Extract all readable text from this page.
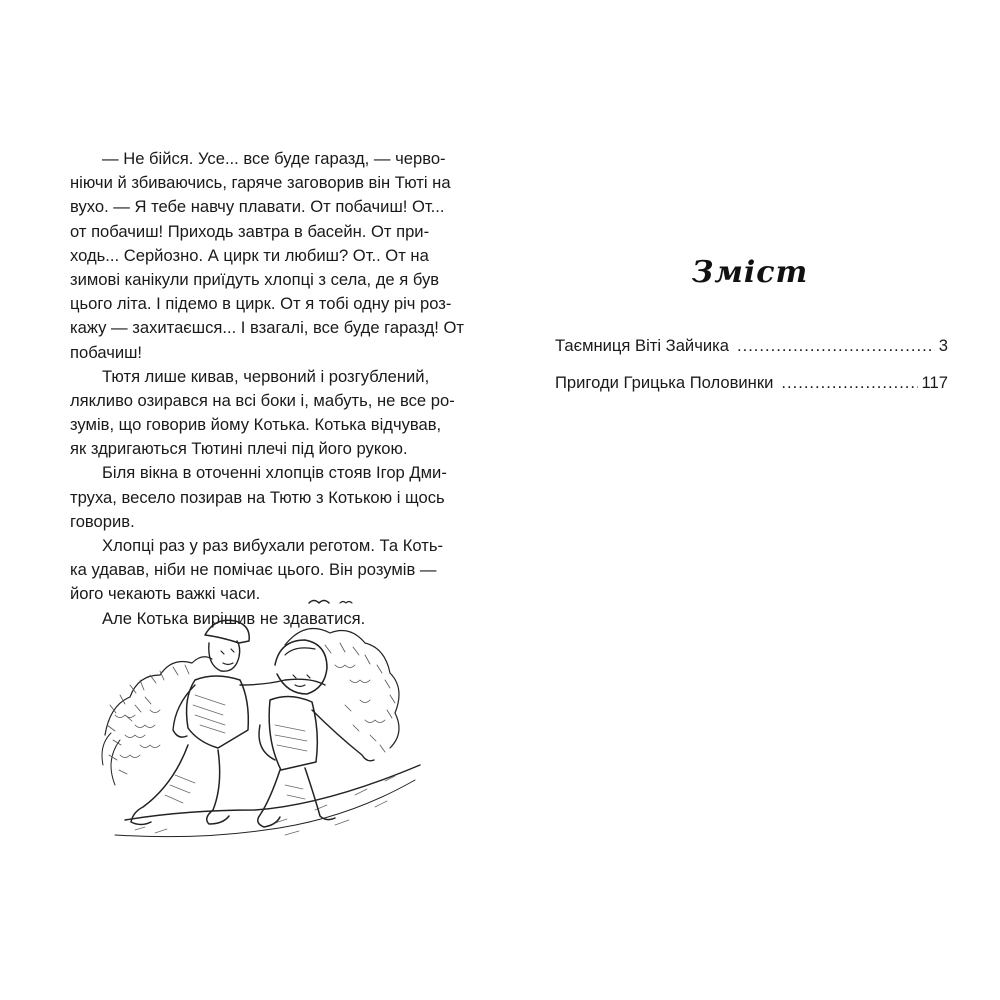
— Не бійся. Усе... все буде гаразд, — черво-
ніючи й збиваючись, гаряче заговорив він Тюті на
вухо. — Я тебе навчу плавати. От побачиш! От...
от побачиш! Приходь завтра в басейн. От при-
ходь... Серйозно. А цирк ти любиш? От.. От на
зимові канікули приїдуть хлопці з села, де я був
цього літа. І підемо в цирк. От я тобі одну річ роз-
кажу — захитаєшся... І взагалі, все буде гаразд! От
побачиш!
Тютя лише кивав, червоний і розгублений,
лякливо озирався на всі боки і, мабуть, не все ро-
зумів, що говорив йому Котька. Котька відчував,
як здригаються Тютині плечі під його рукою.
Біля вікна в оточенні хлопців стояв Ігор Дми-
труха, весело позирав на Тютю з Котькою і щось
говорив.
Хлопці раз у раз вибухали реготом. Та Коть-
ка удавав, ніби не помічає цього. Він розумів —
його чекають важкі часи.
Але Котька вирішив не здаватися.
Зміст
Таємниця Віті Зайчика .....	3
Пригоди Грицька Половинки .....	117
